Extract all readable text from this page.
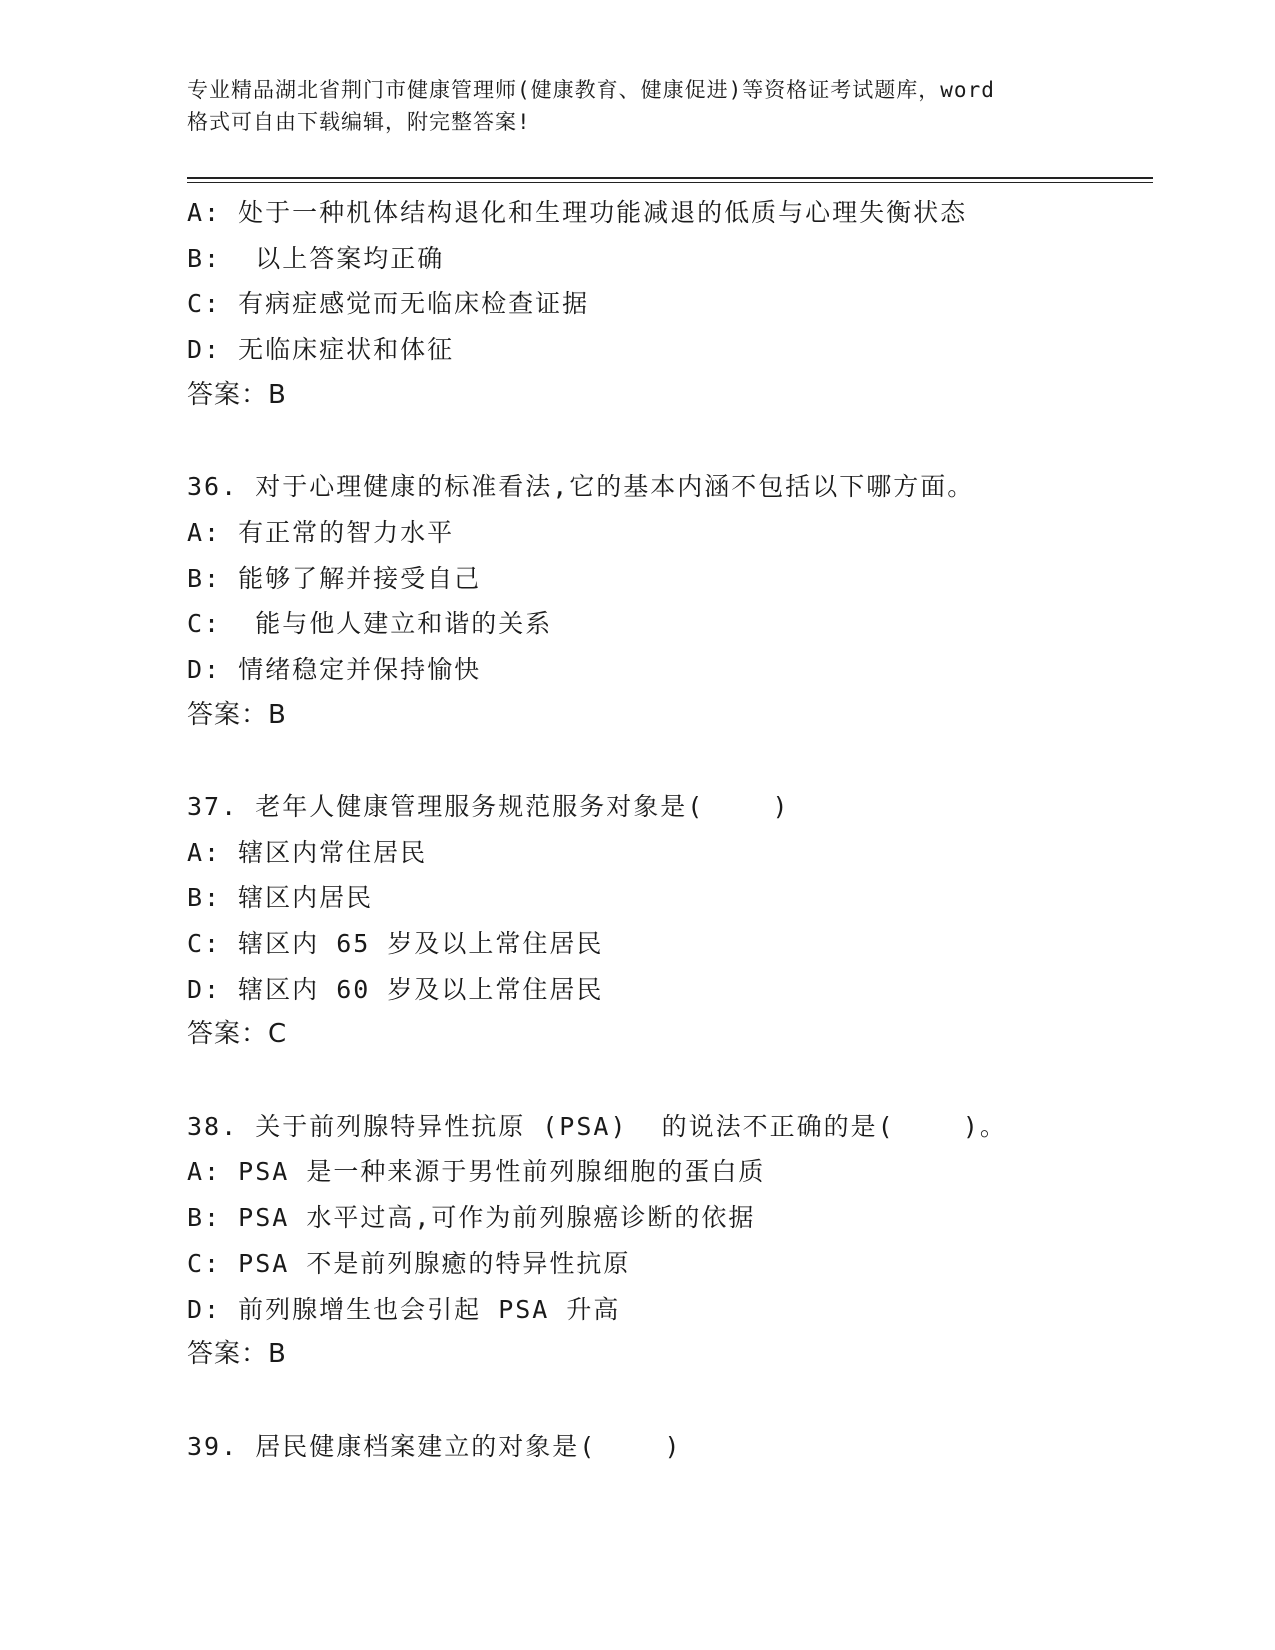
专业精品湖北省荆门市健康管理师(健康教育、健康促进)等资格证考试题库，word
格式可自由下载编辑，附完整答案!
A: 处于一种机体结构退化和生理功能减退的低质与心理失衡状态
B:  以上答案均正确
C: 有病症感觉而无临床检查证据
D: 无临床症状和体征
答案：B
36. 对于心理健康的标准看法,它的基本内涵不包括以下哪方面。
A: 有正常的智力水平
B: 能够了解并接受自己
C:  能与他人建立和谐的关系
D: 情绪稳定并保持愉快
答案：B
37. 老年人健康管理服务规范服务对象是(    )
A: 辖区内常住居民
B: 辖区内居民
C: 辖区内 65 岁及以上常住居民
D: 辖区内 60 岁及以上常住居民
答案：C
38. 关于前列腺特异性抗原 (PSA)  的说法不正确的是(    )。
A: PSA 是一种来源于男性前列腺细胞的蛋白质
B: PSA 水平过高,可作为前列腺癌诊断的依据
C: PSA 不是前列腺癒的特异性抗原
D: 前列腺增生也会引起 PSA 升高
答案：B
39. 居民健康档案建立的对象是(    )
